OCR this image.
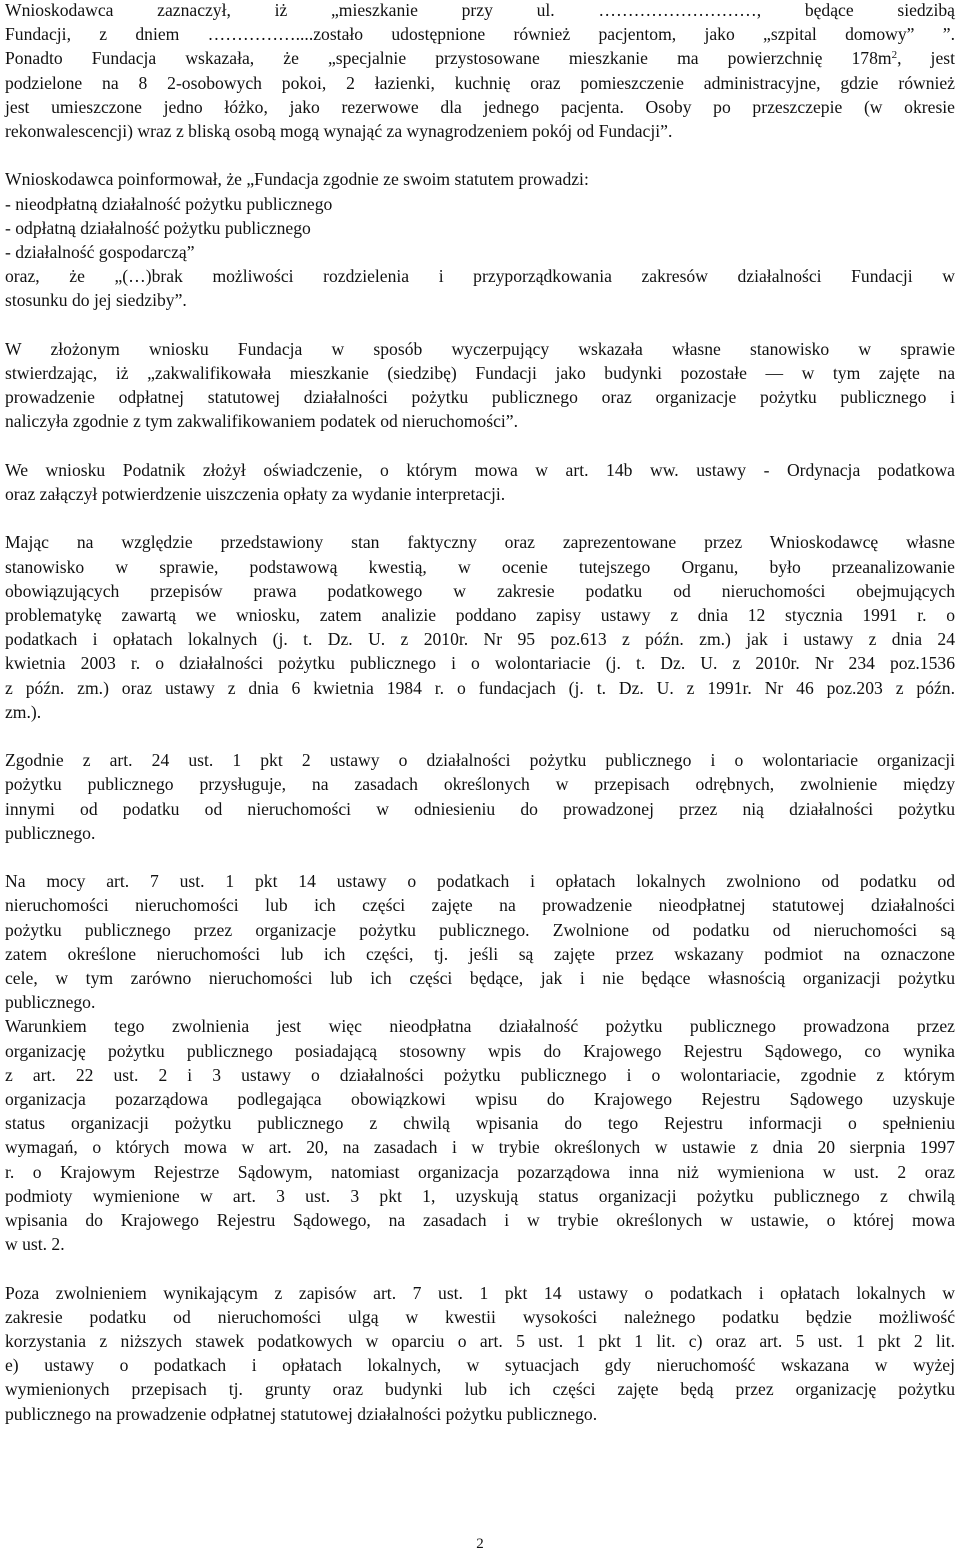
Wnioskodawca zaznaczył, iż „mieszkanie przy ul. ………………………, będące siedzibą
Fundacji, z dniem ……………....zostało udostępnione również pacjentom, jako „szpital domowy” ”.
Ponadto Fundacja wskazała, że „specjalnie przystosowane mieszkanie ma powierzchnię $178m^2$, jest
podzielone na 8 2-osobowych pokoi, 2 łazienki, kuchnię oraz pomieszczenie administracyjne, gdzie również
jest umieszczone jedno łóżko, jako rezerwowe dla jednego pacjenta. Osoby po przeszczepie (w okresie
rekonwalescencji) wraz z bliską osobą mogą wynająć za wynagrodzeniem pokój od Fundacji”.
Wnioskodawca poinformował, że „Fundacja zgodnie ze swoim statutem prowadzi:
- nieodpłatną działalność pożytku publicznego
- odpłatną działalność pożytku publicznego
- działalność gospodarczą”
oraz, że „(…)brak możliwości rozdzielenia i przyporządkowania zakresów działalności Fundacji w
stosunku do jej siedziby”.
W złożonym wniosku Fundacja w sposób wyczerpujący wskazała własne stanowisko w sprawie
stwierdzając, iż „zakwalifikowała mieszkanie (siedzibę) Fundacji jako budynki pozostałe — w tym zajęte na
prowadzenie odpłatnej statutowej działalności pożytku publicznego oraz organizacje pożytku publicznego i
naliczyła zgodnie z tym zakwalifikowaniem podatek od nieruchomości”.
We wniosku Podatnik złożył oświadczenie, o którym mowa w art. 14b ww. ustawy - Ordynacja podatkowa
oraz załączył potwierdzenie uiszczenia opłaty za wydanie interpretacji.
Mając na względzie przedstawiony stan faktyczny oraz zaprezentowane przez Wnioskodawcę własne
stanowisko w sprawie, podstawową kwestią, w ocenie tutejszego Organu, było przeanalizowanie
obowiązujących przepisów prawa podatkowego w zakresie podatku od nieruchomości obejmujących
problematykę zawartą we wniosku, zatem analizie poddano zapisy ustawy z dnia 12 stycznia 1991 r. o
podatkach i opłatach lokalnych (j. t. Dz. U. z 2010r. Nr 95 poz.613 z późn. zm.) jak i ustawy z dnia 24
kwietnia 2003 r. o działalności pożytku publicznego i o wolontariacie (j. t. Dz. U. z 2010r. Nr 234 poz.1536
z późn. zm.) oraz ustawy z dnia 6 kwietnia 1984 r. o fundacjach (j. t. Dz. U. z 1991r. Nr 46 poz.203 z późn.
zm.).
Zgodnie z art. 24 ust. 1 pkt 2 ustawy o działalności pożytku publicznego i o wolontariacie organizacji
pożytku publicznego przysługuje, na zasadach określonych w przepisach odrębnych, zwolnienie między
innymi od podatku od nieruchomości w odniesieniu do prowadzonej przez nią działalności pożytku
publicznego.
Na mocy art. 7 ust. 1 pkt 14 ustawy o podatkach i opłatach lokalnych zwolniono od podatku od
nieruchomości nieruchomości lub ich części zajęte na prowadzenie nieodpłatnej statutowej działalności
pożytku publicznego przez organizacje pożytku publicznego. Zwolnione od podatku od nieruchomości są
zatem określone nieruchomości lub ich części, tj. jeśli są zajęte przez wskazany podmiot na oznaczone
cele, w tym zarówno nieruchomości lub ich części będące, jak i nie będące własnością organizacji pożytku
publicznego.
Warunkiem tego zwolnienia jest więc nieodpłatna działalność pożytku publicznego prowadzona przez
organizację pożytku publicznego posiadającą stosowny wpis do Krajowego Rejestru Sądowego, co wynika
z art. 22 ust. 2 i 3 ustawy o działalności pożytku publicznego i o wolontariacie, zgodnie z którym
organizacja pozarządowa podlegająca obowiązkowi wpisu do Krajowego Rejestru Sądowego uzyskuje
status organizacji pożytku publicznego z chwilą wpisania do tego Rejestru informacji o spełnieniu
wymagań, o których mowa w art. 20, na zasadach i w trybie określonych w ustawie z dnia 20 sierpnia 1997
r. o Krajowym Rejestrze Sądowym, natomiast organizacja pozarządowa inna niż wymieniona w ust. 2 oraz
podmioty wymienione w art. 3 ust. 3 pkt 1, uzyskują status organizacji pożytku publicznego z chwilą
wpisania do Krajowego Rejestru Sądowego, na zasadach i w trybie określonych w ustawie, o której mowa
w ust. 2.
Poza zwolnieniem wynikającym z zapisów art. 7 ust. 1 pkt 14 ustawy o podatkach i opłatach lokalnych w
zakresie podatku od nieruchomości ulgą w kwestii wysokości należnego podatku będzie możliwość
korzystania z niższych stawek podatkowych w oparciu o art. 5 ust. 1 pkt 1 lit. c) oraz art. 5 ust. 1 pkt 2 lit.
e) ustawy o podatkach i opłatach lokalnych, w sytuacjach gdy nieruchomość wskazana w wyżej
wymienionych przepisach tj. grunty oraz budynki lub ich części zajęte będą przez organizację pożytku
publicznego na prowadzenie odpłatnej statutowej działalności pożytku publicznego.
2
